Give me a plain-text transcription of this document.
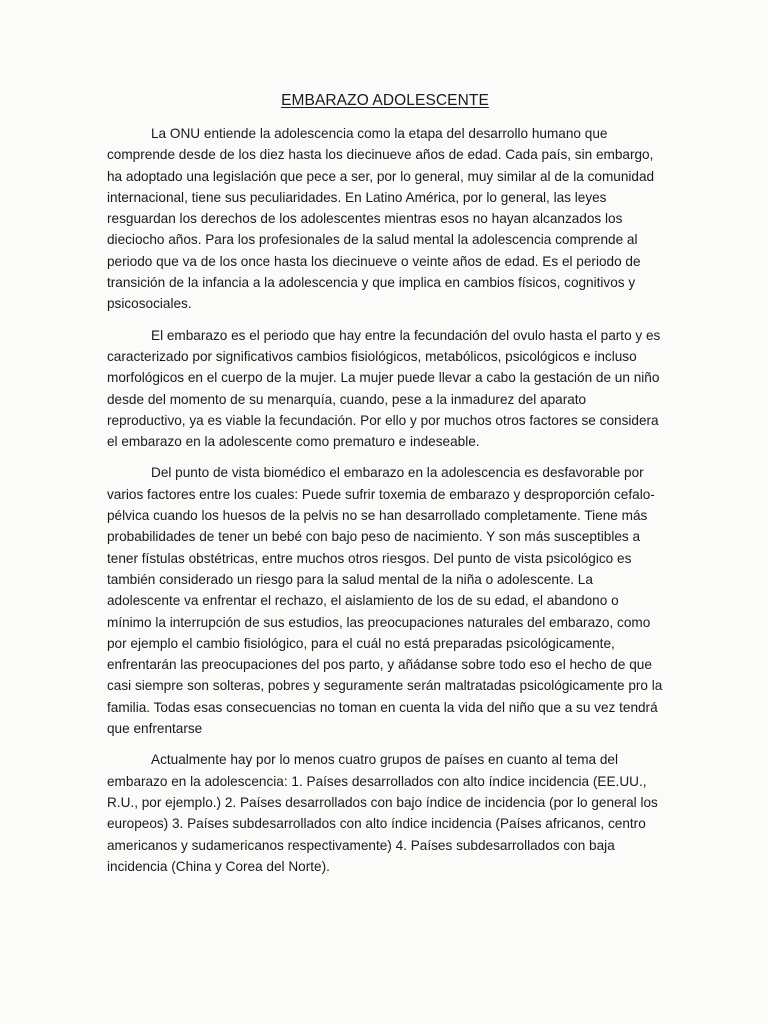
EMBARAZO ADOLESCENTE

La ONU entiende la adolescencia como la etapa del desarrollo humano que comprende desde de los diez hasta los diecinueve años de edad. Cada país, sin embargo, ha adoptado una legislación que pece a ser, por lo general, muy similar al de la comunidad internacional, tiene sus peculiaridades. En Latino América, por lo general, las leyes resguardan los derechos de los adolescentes mientras esos no hayan alcanzados los dieciocho años. Para los profesionales de la salud mental la adolescencia comprende al periodo que va de los once hasta los diecinueve o veinte años de edad. Es el periodo de transición de la infancia a la adolescencia y que implica en cambios físicos, cognitivos y psicosociales.

El embarazo es el periodo que hay entre la fecundación del ovulo hasta el parto y es caracterizado por significativos cambios fisiológicos, metabólicos, psicológicos e incluso morfológicos en el cuerpo de la mujer. La mujer puede llevar a cabo la gestación de un niño desde del momento de su menarquía, cuando, pese a la inmadurez del aparato reproductivo, ya es viable la fecundación. Por ello y por muchos otros factores se considera el embarazo en la adolescente como prematuro e indeseable.

Del punto de vista biomédico el embarazo en la adolescencia es desfavorable por varios factores entre los cuales: Puede sufrir toxemia de embarazo y desproporción cefalo-pélvica cuando los huesos de la pelvis no se han desarrollado completamente. Tiene más probabilidades de tener un bebé con bajo peso de nacimiento. Y son más susceptibles a tener fístulas obstétricas, entre muchos otros riesgos. Del punto de vista psicológico es también considerado un riesgo para la salud mental de la niña o adolescente. La adolescente va enfrentar el rechazo, el aislamiento de los de su edad, el abandono o mínimo la interrupción de sus estudios, las preocupaciones naturales del embarazo, como por ejemplo el cambio fisiológico, para el cuál no está preparadas psicológicamente, enfrentarán las preocupaciones del pos parto, y añádanse sobre todo eso el hecho de que casi siempre son solteras, pobres y seguramente serán maltratadas psicológicamente pro la familia. Todas esas consecuencias no toman en cuenta la vida del niño que a su vez tendrá que enfrentarse

Actualmente hay por lo menos cuatro grupos de países en cuanto al tema del embarazo en la adolescencia: 1. Países desarrollados con alto índice incidencia (EE.UU., R.U., por ejemplo.) 2. Países desarrollados con bajo índice de incidencia (por lo general los europeos) 3. Países subdesarrollados con alto índice incidencia (Países africanos, centro americanos y sudamericanos respectivamente) 4. Países subdesarrollados con baja incidencia (China y Corea del Norte).
